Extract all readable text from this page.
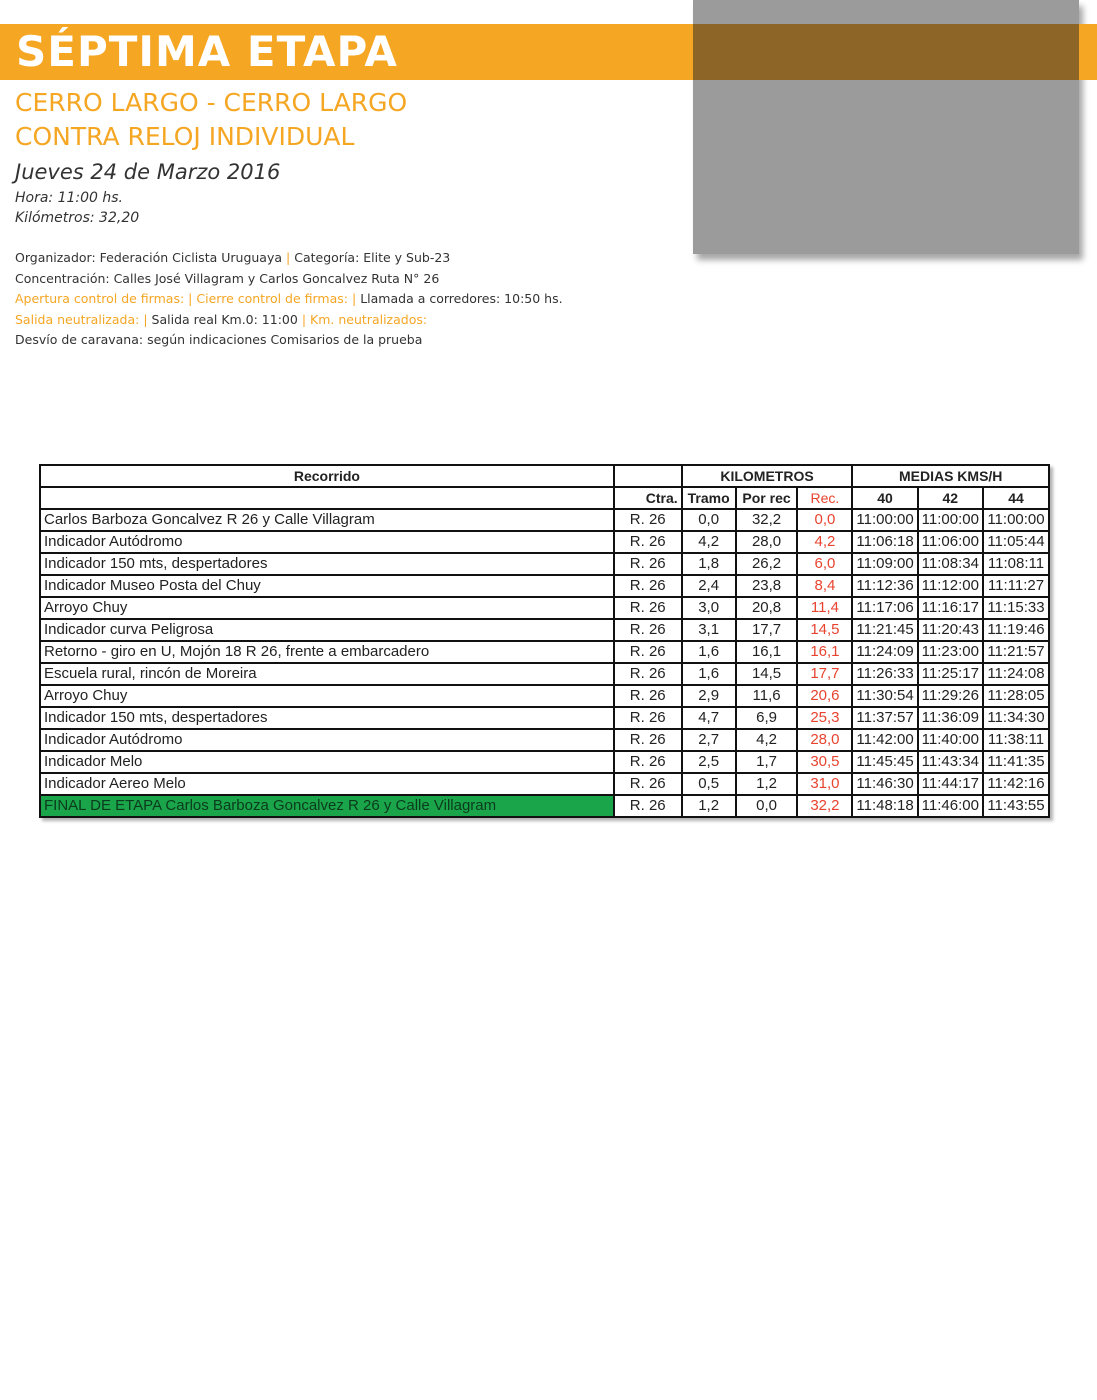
SÉPTIMA ETAPA
CERRO LARGO - CERRO LARGO
CONTRA RELOJ INDIVIDUAL
Jueves 24 de Marzo 2016
Hora: 11:00 hs.
Kilómetros: 32,20
Organizador: Federación Ciclista Uruguaya | Categoría: Elite y Sub-23
Concentración: Calles José Villagram y Carlos Goncalvez Ruta N° 26
Apertura control de firmas: | Cierre control de firmas: | Llamada a corredores: 10:50 hs.
Salida neutralizada: | Salida real Km.0: 11:00 | Km. neutralizados:
Desvío de caravana: según indicaciones Comisarios de la prueba
Recorrido		KILOMETROS			MEDIAS KMS/H		
	Ctra.	Tramo	Por rec	Rec.	40	42	44
Carlos Barboza Goncalvez R 26 y Calle Villagram	R. 26	0,0	32,2	0,0	11:00:00	11:00:00	11:00:00
Indicador Autódromo	R. 26	4,2	28,0	4,2	11:06:18	11:06:00	11:05:44
Indicador 150 mts, despertadores	R. 26	1,8	26,2	6,0	11:09:00	11:08:34	11:08:11
Indicador Museo Posta del Chuy	R. 26	2,4	23,8	8,4	11:12:36	11:12:00	11:11:27
Arroyo Chuy	R. 26	3,0	20,8	11,4	11:17:06	11:16:17	11:15:33
Indicador curva Peligrosa	R. 26	3,1	17,7	14,5	11:21:45	11:20:43	11:19:46
Retorno - giro en U, Mojón 18 R 26, frente a embarcadero	R. 26	1,6	16,1	16,1	11:24:09	11:23:00	11:21:57
Escuela rural, rincón de Moreira	R. 26	1,6	14,5	17,7	11:26:33	11:25:17	11:24:08
Arroyo Chuy	R. 26	2,9	11,6	20,6	11:30:54	11:29:26	11:28:05
Indicador 150 mts, despertadores	R. 26	4,7	6,9	25,3	11:37:57	11:36:09	11:34:30
Indicador Autódromo	R. 26	2,7	4,2	28,0	11:42:00	11:40:00	11:38:11
Indicador Melo	R. 26	2,5	1,7	30,5	11:45:45	11:43:34	11:41:35
Indicador Aereo Melo	R. 26	0,5	1,2	31,0	11:46:30	11:44:17	11:42:16
FINAL DE ETAPA Carlos Barboza Goncalvez R 26 y Calle Villagram	R. 26	1,2	0,0	32,2	11:48:18	11:46:00	11:43:55
